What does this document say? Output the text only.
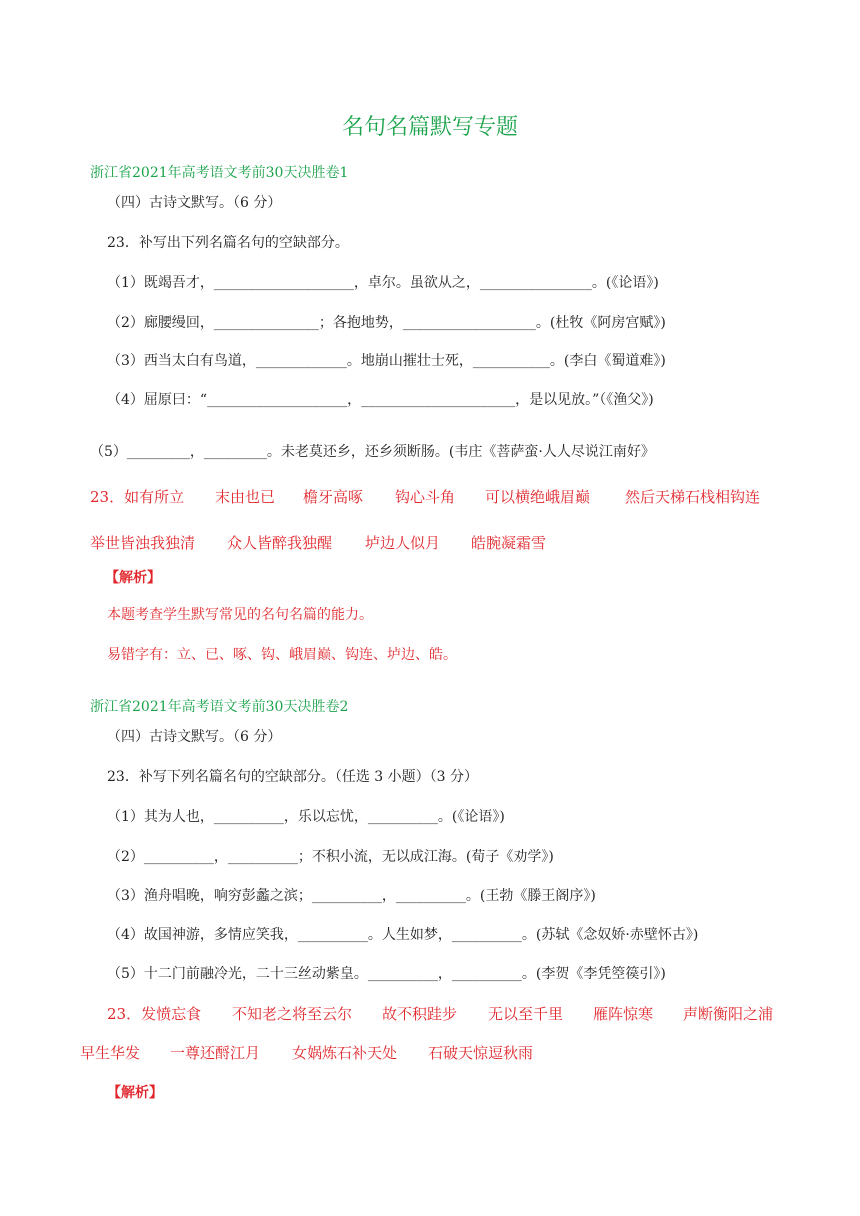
名句名篇默写专题
浙江省2021年高考语文考前30天决胜卷1
（四）古诗文默写。（6 分）
23．补写出下列名篇名句的空缺部分。
（1）既竭吾才，____________________，卓尔。虽欲从之，________________。(《论语》)
（2）廊腰缦回，_______________；各抱地势，___________________。(杜牧《阿房宫赋》)
（3）西当太白有鸟道，_____________。地崩山摧壮士死，___________。(李白《蜀道难》)
（4）屈原曰：“____________________，______________________，是以见放。”（《渔父》)
（5）_________，_________。未老莫还乡，还乡须断肠。(韦庄《菩萨蛮·人人尽说江南好》
23．如有所立 末由也已 檐牙高啄 钩心斗角 可以横绝峨眉巅 然后天梯石栈相钩连
举世皆浊我独清 众人皆醉我独醒 垆边人似月 皓腕凝霜雪
【解析】
本题考查学生默写常见的名句名篇的能力。
易错字有：立、已、啄、钩、峨眉巅、钩连、垆边、皓。
浙江省2021年高考语文考前30天决胜卷2
（四）古诗文默写。（6 分）
23．补写下列名篇名句的空缺部分。（任选 3 小题）（3 分）
（1）其为人也，__________，乐以忘忧，__________。(《论语》)
（2）__________，__________；不积小流，无以成江海。(荀子《劝学》)
（3）渔舟唱晚，响穷彭蠡之滨；__________，__________。(王勃《滕王阁序》)
（4）故国神游，多情应笑我，__________。人生如梦，__________。(苏轼《念奴娇·赤壁怀古》)
（5）十二门前融冷光，二十三丝动紫皇。__________，__________。(李贺《李凭箜篌引》)
23．发愤忘食 不知老之将至云尔 故不积跬步 无以至千里 雁阵惊寒 声断衡阳之浦
早生华发 一尊还酹江月 女娲炼石补天处 石破天惊逗秋雨
【解析】
